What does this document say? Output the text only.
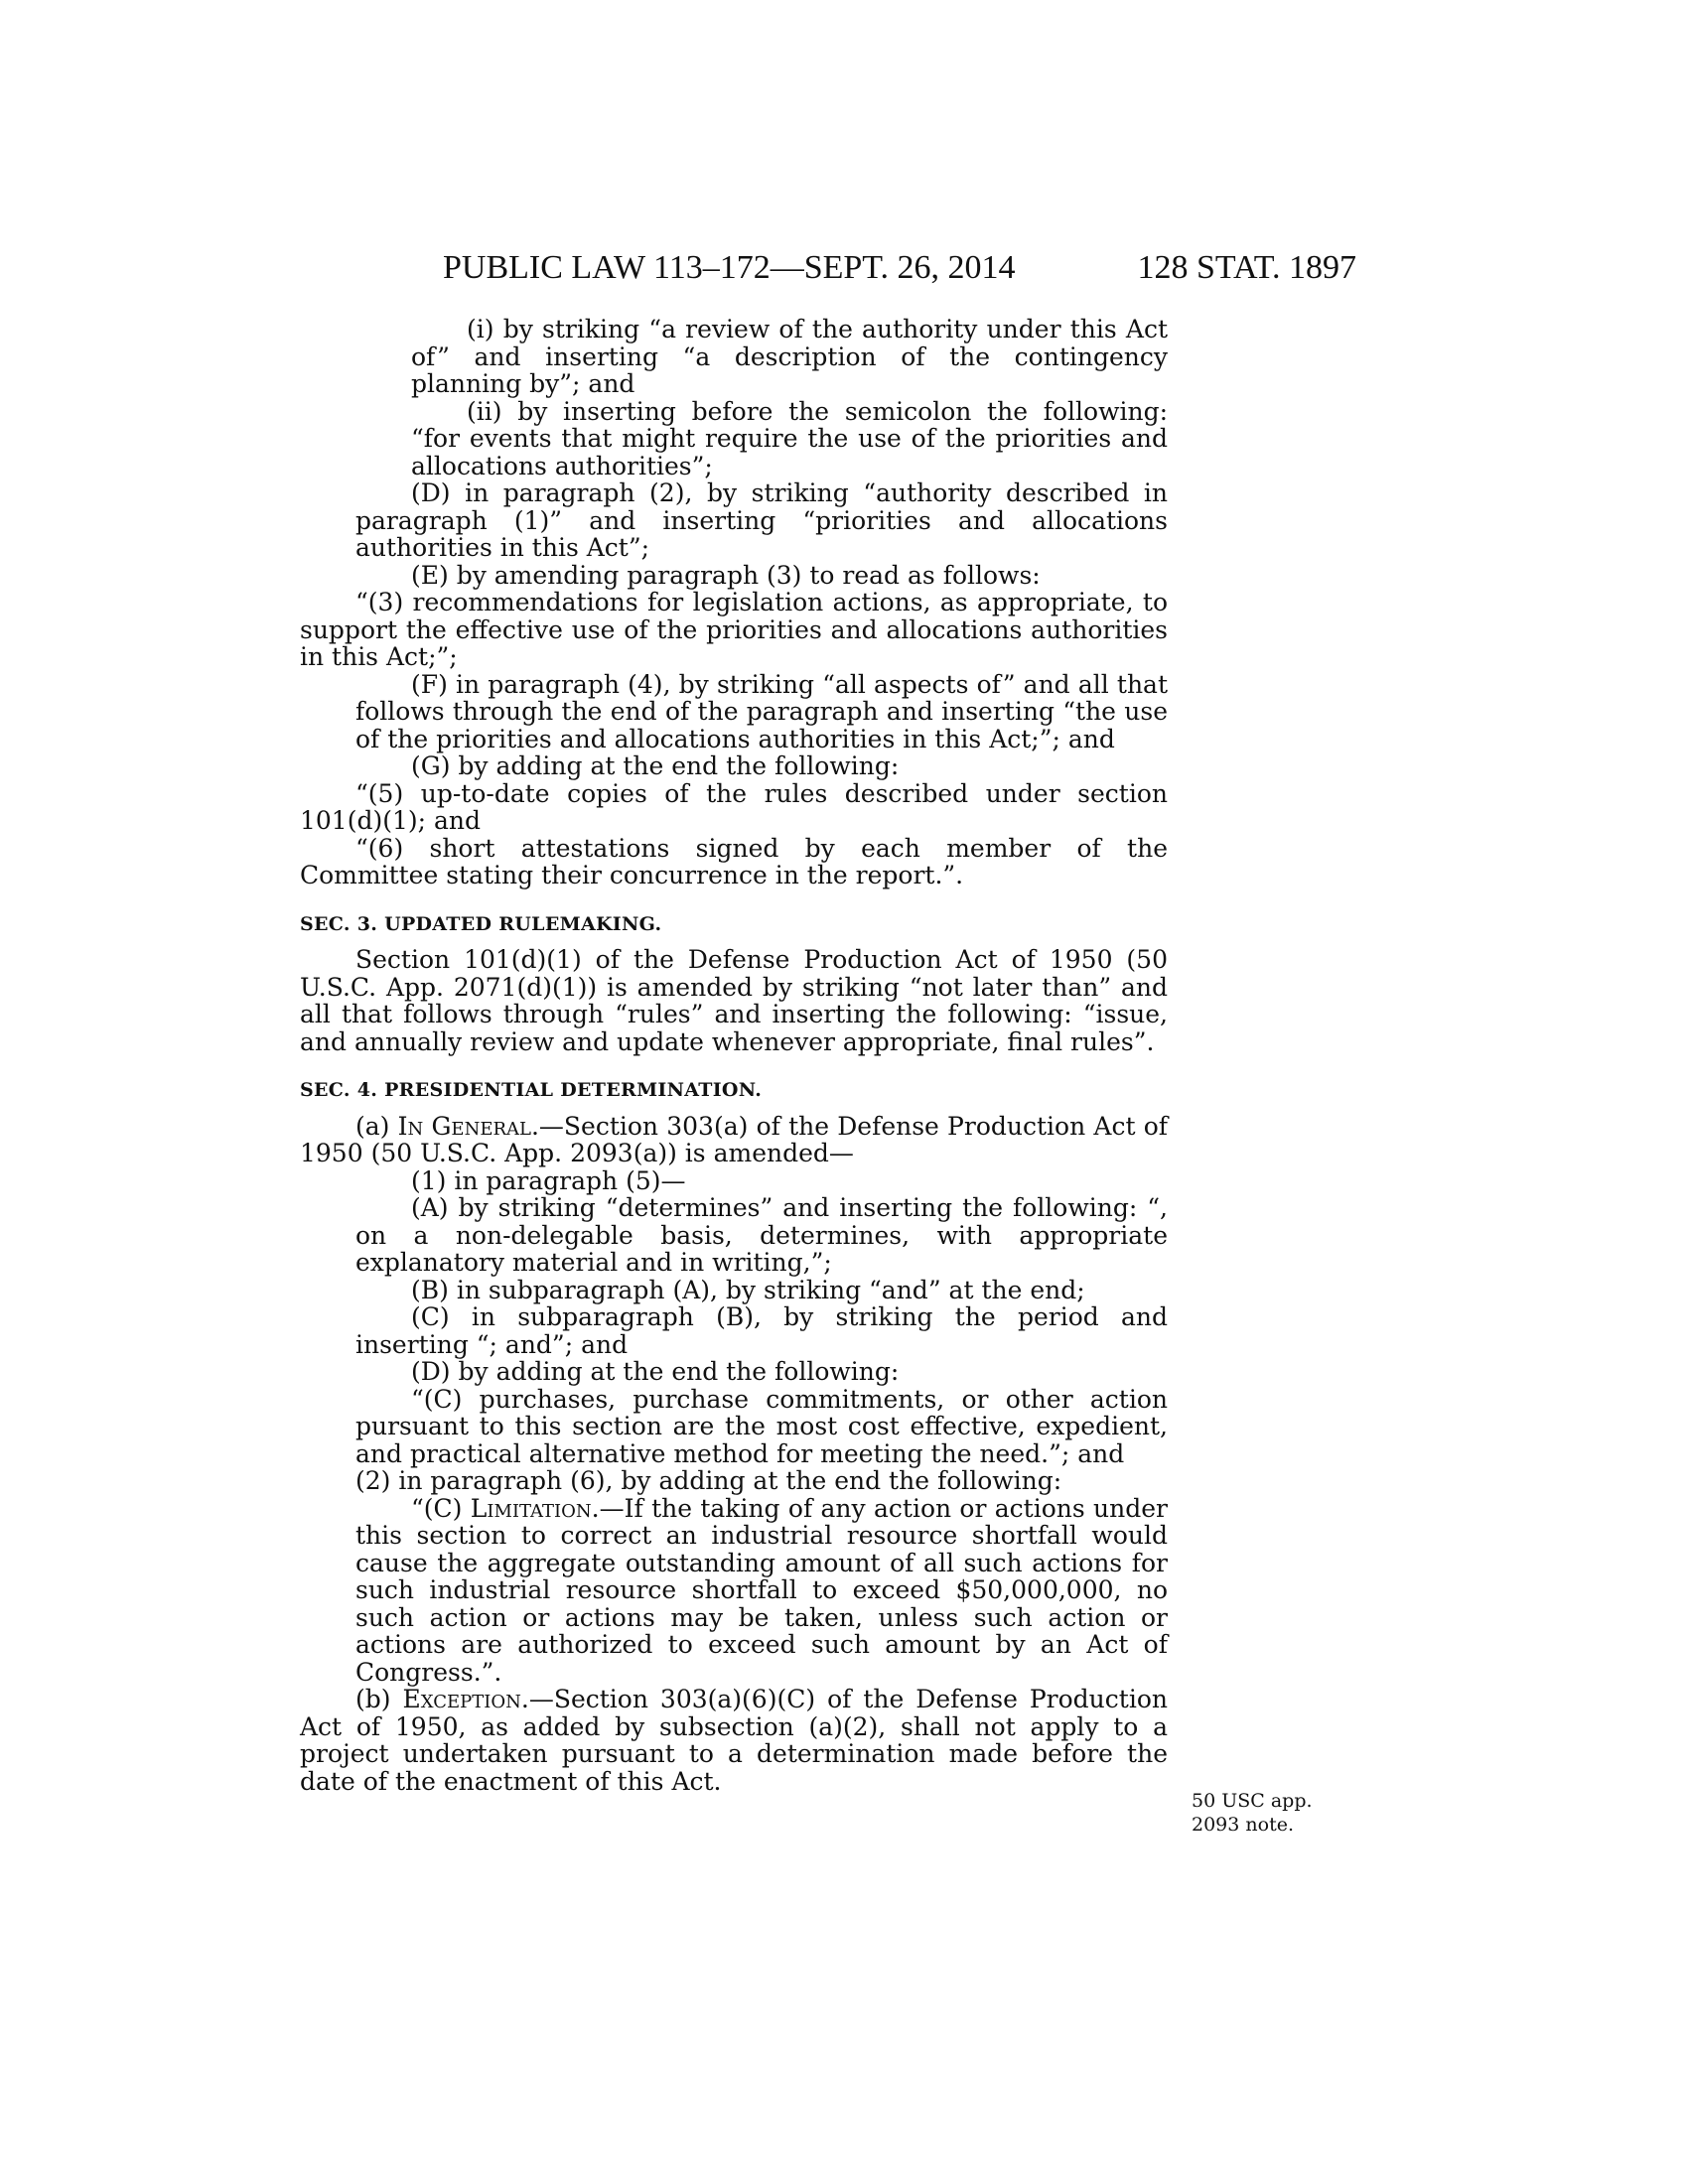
PUBLIC LAW 113–172—SEPT. 26, 2014	128 STAT. 1897

(i) by striking “a review of the authority under this Act of” and inserting “a description of the contingency planning by”; and

(ii) by inserting before the semicolon the following: “for events that might require the use of the priorities and allocations authorities”;

(D) in paragraph (2), by striking “authority described in paragraph (1)” and inserting “priorities and allocations authorities in this Act”;

(E) by amending paragraph (3) to read as follows:

“(3) recommendations for legislation actions, as appropriate, to support the effective use of the priorities and allocations authorities in this Act;”;

(F) in paragraph (4), by striking “all aspects of” and all that follows through the end of the paragraph and inserting “the use of the priorities and allocations authorities in this Act;”; and

(G) by adding at the end the following:

“(5) up-to-date copies of the rules described under section 101(d)(1); and

“(6) short attestations signed by each member of the Committee stating their concurrence in the report.”.

SEC. 3. UPDATED RULEMAKING.

Section 101(d)(1) of the Defense Production Act of 1950 (50 U.S.C. App. 2071(d)(1)) is amended by striking “not later than” and all that follows through “rules” and inserting the following: “issue, and annually review and update whenever appropriate, final rules”.

SEC. 4. PRESIDENTIAL DETERMINATION.

(a) In General.—Section 303(a) of the Defense Production Act of 1950 (50 U.S.C. App. 2093(a)) is amended—

(1) in paragraph (5)—

(A) by striking “determines” and inserting the following: “, on a non-delegable basis, determines, with appropriate explanatory material and in writing,”;

(B) in subparagraph (A), by striking “and” at the end;

(C) in subparagraph (B), by striking the period and inserting “; and”; and

(D) by adding at the end the following:

“(C) purchases, purchase commitments, or other action pursuant to this section are the most cost effective, expedient, and practical alternative method for meeting the need.”; and

(2) in paragraph (6), by adding at the end the following:

“(C) Limitation.—If the taking of any action or actions under this section to correct an industrial resource shortfall would cause the aggregate outstanding amount of all such actions for such industrial resource shortfall to exceed $50,000,000, no such action or actions may be taken, unless such action or actions are authorized to exceed such amount by an Act of Congress.”.

(b) Exception.—Section 303(a)(6)(C) of the Defense Production Act of 1950, as added by subsection (a)(2), shall not apply to a project undertaken pursuant to a determination made before the date of the enactment of this Act.

50 USC app.
2093 note.
